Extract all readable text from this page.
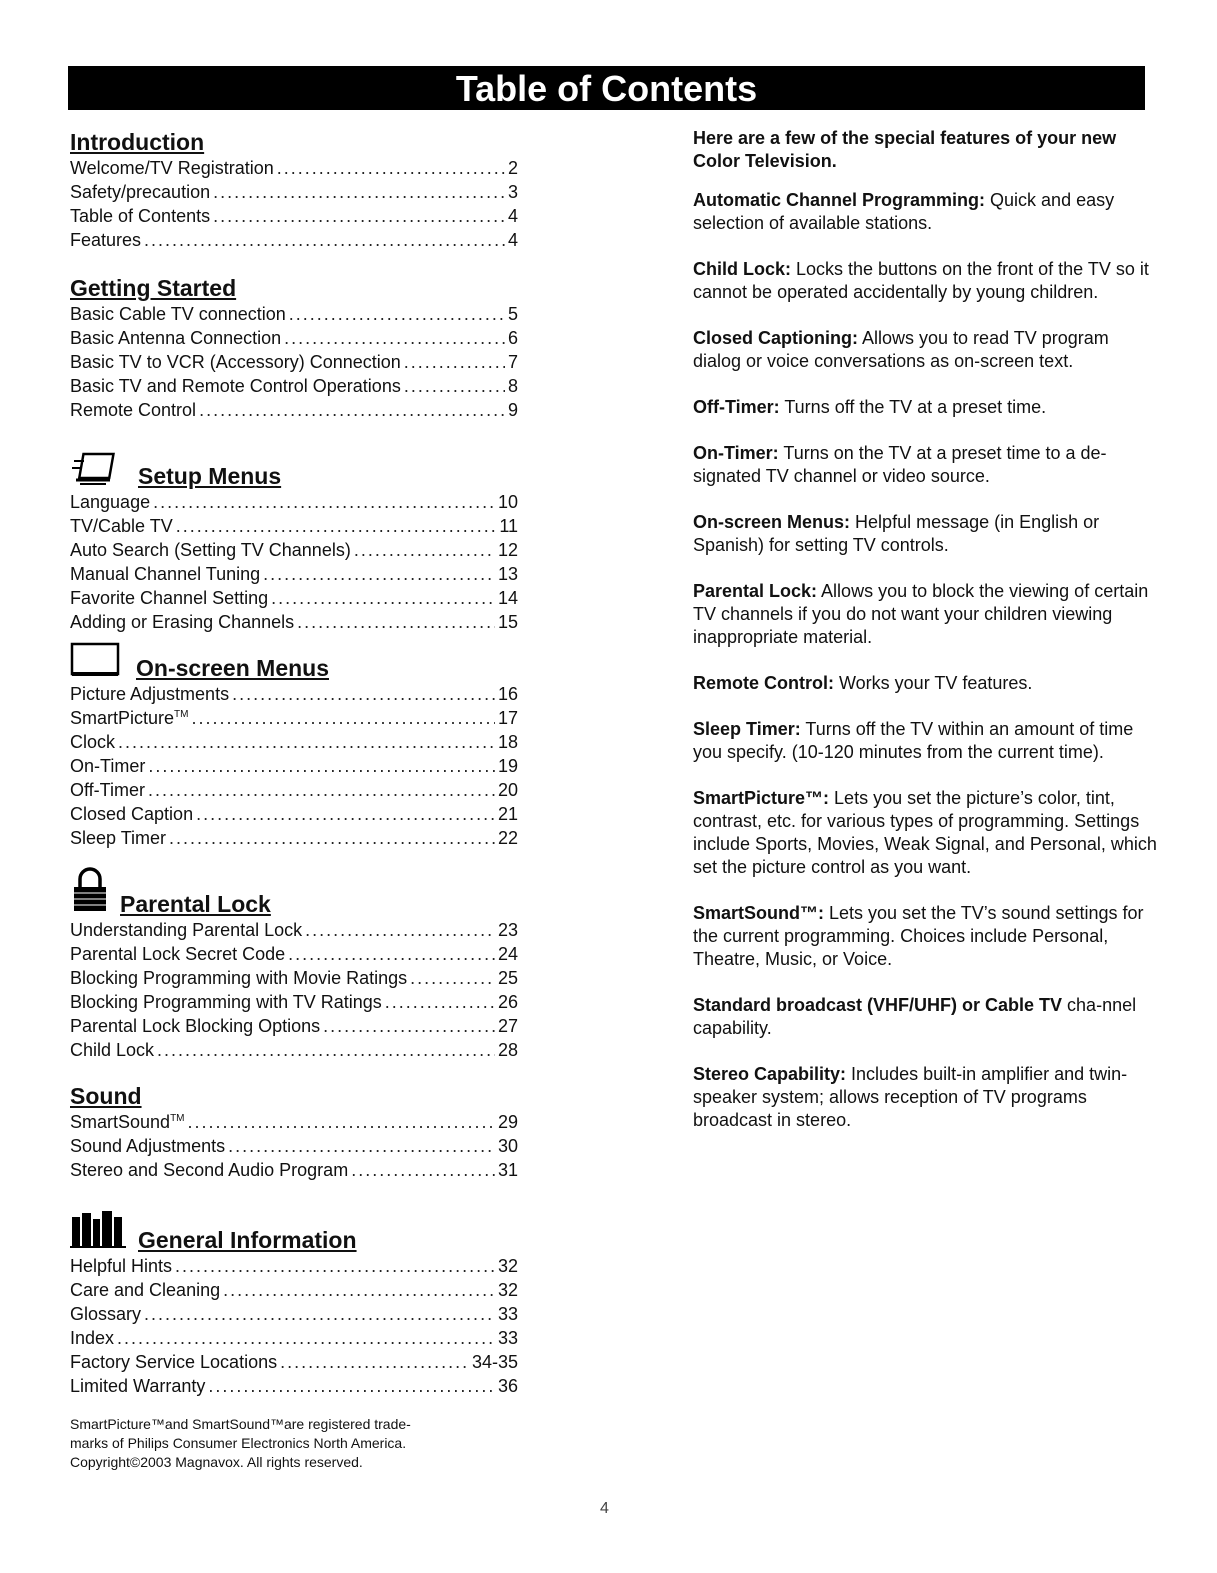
Table of Contents
Introduction
Welcome/TV Registration .....	2
Safety/precaution .....	3
Table of Contents .....	4
Features .....	4
Getting Started
Basic Cable TV connection .....	5
Basic Antenna Connection .....	6
Basic TV to VCR (Accessory) Connection .....	7
Basic TV and Remote Control Operations .....	8
Remote Control .....	9
Setup Menus
Language .....	10
TV/Cable TV .....	11
Auto Search (Setting TV Channels) .....	12
Manual Channel Tuning .....	13
Favorite Channel Setting .....	14
Adding or Erasing Channels .....	15
On-screen Menus
Picture Adjustments .....	16
SmartPicture™ .....	17
Clock .....	18
On-Timer .....	19
Off-Timer .....	20
Closed Caption .....	21
Sleep Timer .....	22
Parental Lock
Understanding Parental Lock .....	23
Parental Lock Secret Code .....	24
Blocking Programming with Movie Ratings .....	25
Blocking Programming with TV Ratings .....	26
Parental Lock Blocking Options .....	27
Child Lock .....	28
Sound
SmartSound™ .....	29
Sound Adjustments .....	30
Stereo and Second Audio Program .....	31
General Information
Helpful Hints .....	32
Care and Cleaning .....	32
Glossary .....	33
Index .....	33
Factory Service Locations .....	34-35
Limited Warranty .....	36
SmartPicture™and SmartSound™are registered trade-
marks of Philips Consumer Electronics North America.
Copyright©2003 Magnavox. All rights reserved.
4

Here are a few of the special features of your new Color Television.

Automatic Channel Programming: Quick and easy selection of available stations.

Child Lock: Locks the buttons on the front of the TV so it cannot be operated accidentally by young children.

Closed Captioning: Allows you to read TV program dialog or voice conversations as on-screen text.

Off-Timer: Turns off the TV at a preset time.

On-Timer: Turns on the TV at a preset time to a de-signated TV channel or video source.

On-screen Menus: Helpful message (in English or Spanish) for setting TV controls.

Parental Lock: Allows you to block the viewing of certain TV channels if you do not want your children viewing inappropriate material.

Remote Control: Works your TV features.

Sleep Timer: Turns off the TV within an amount of time you specify. (10-120 minutes from the current time).

SmartPicture™: Lets you set the picture’s color, tint, contrast, etc. for various types of programming. Settings include Sports, Movies, Weak Signal, and Personal, which set the picture control as you want.

SmartSound™: Lets you set the TV’s sound settings for the current programming. Choices include Personal, Theatre, Music, or Voice.

Standard broadcast (VHF/UHF) or Cable TV cha-nnel capability.

Stereo Capability: Includes built-in amplifier and twin-speaker system; allows reception of TV programs broadcast in stereo.
